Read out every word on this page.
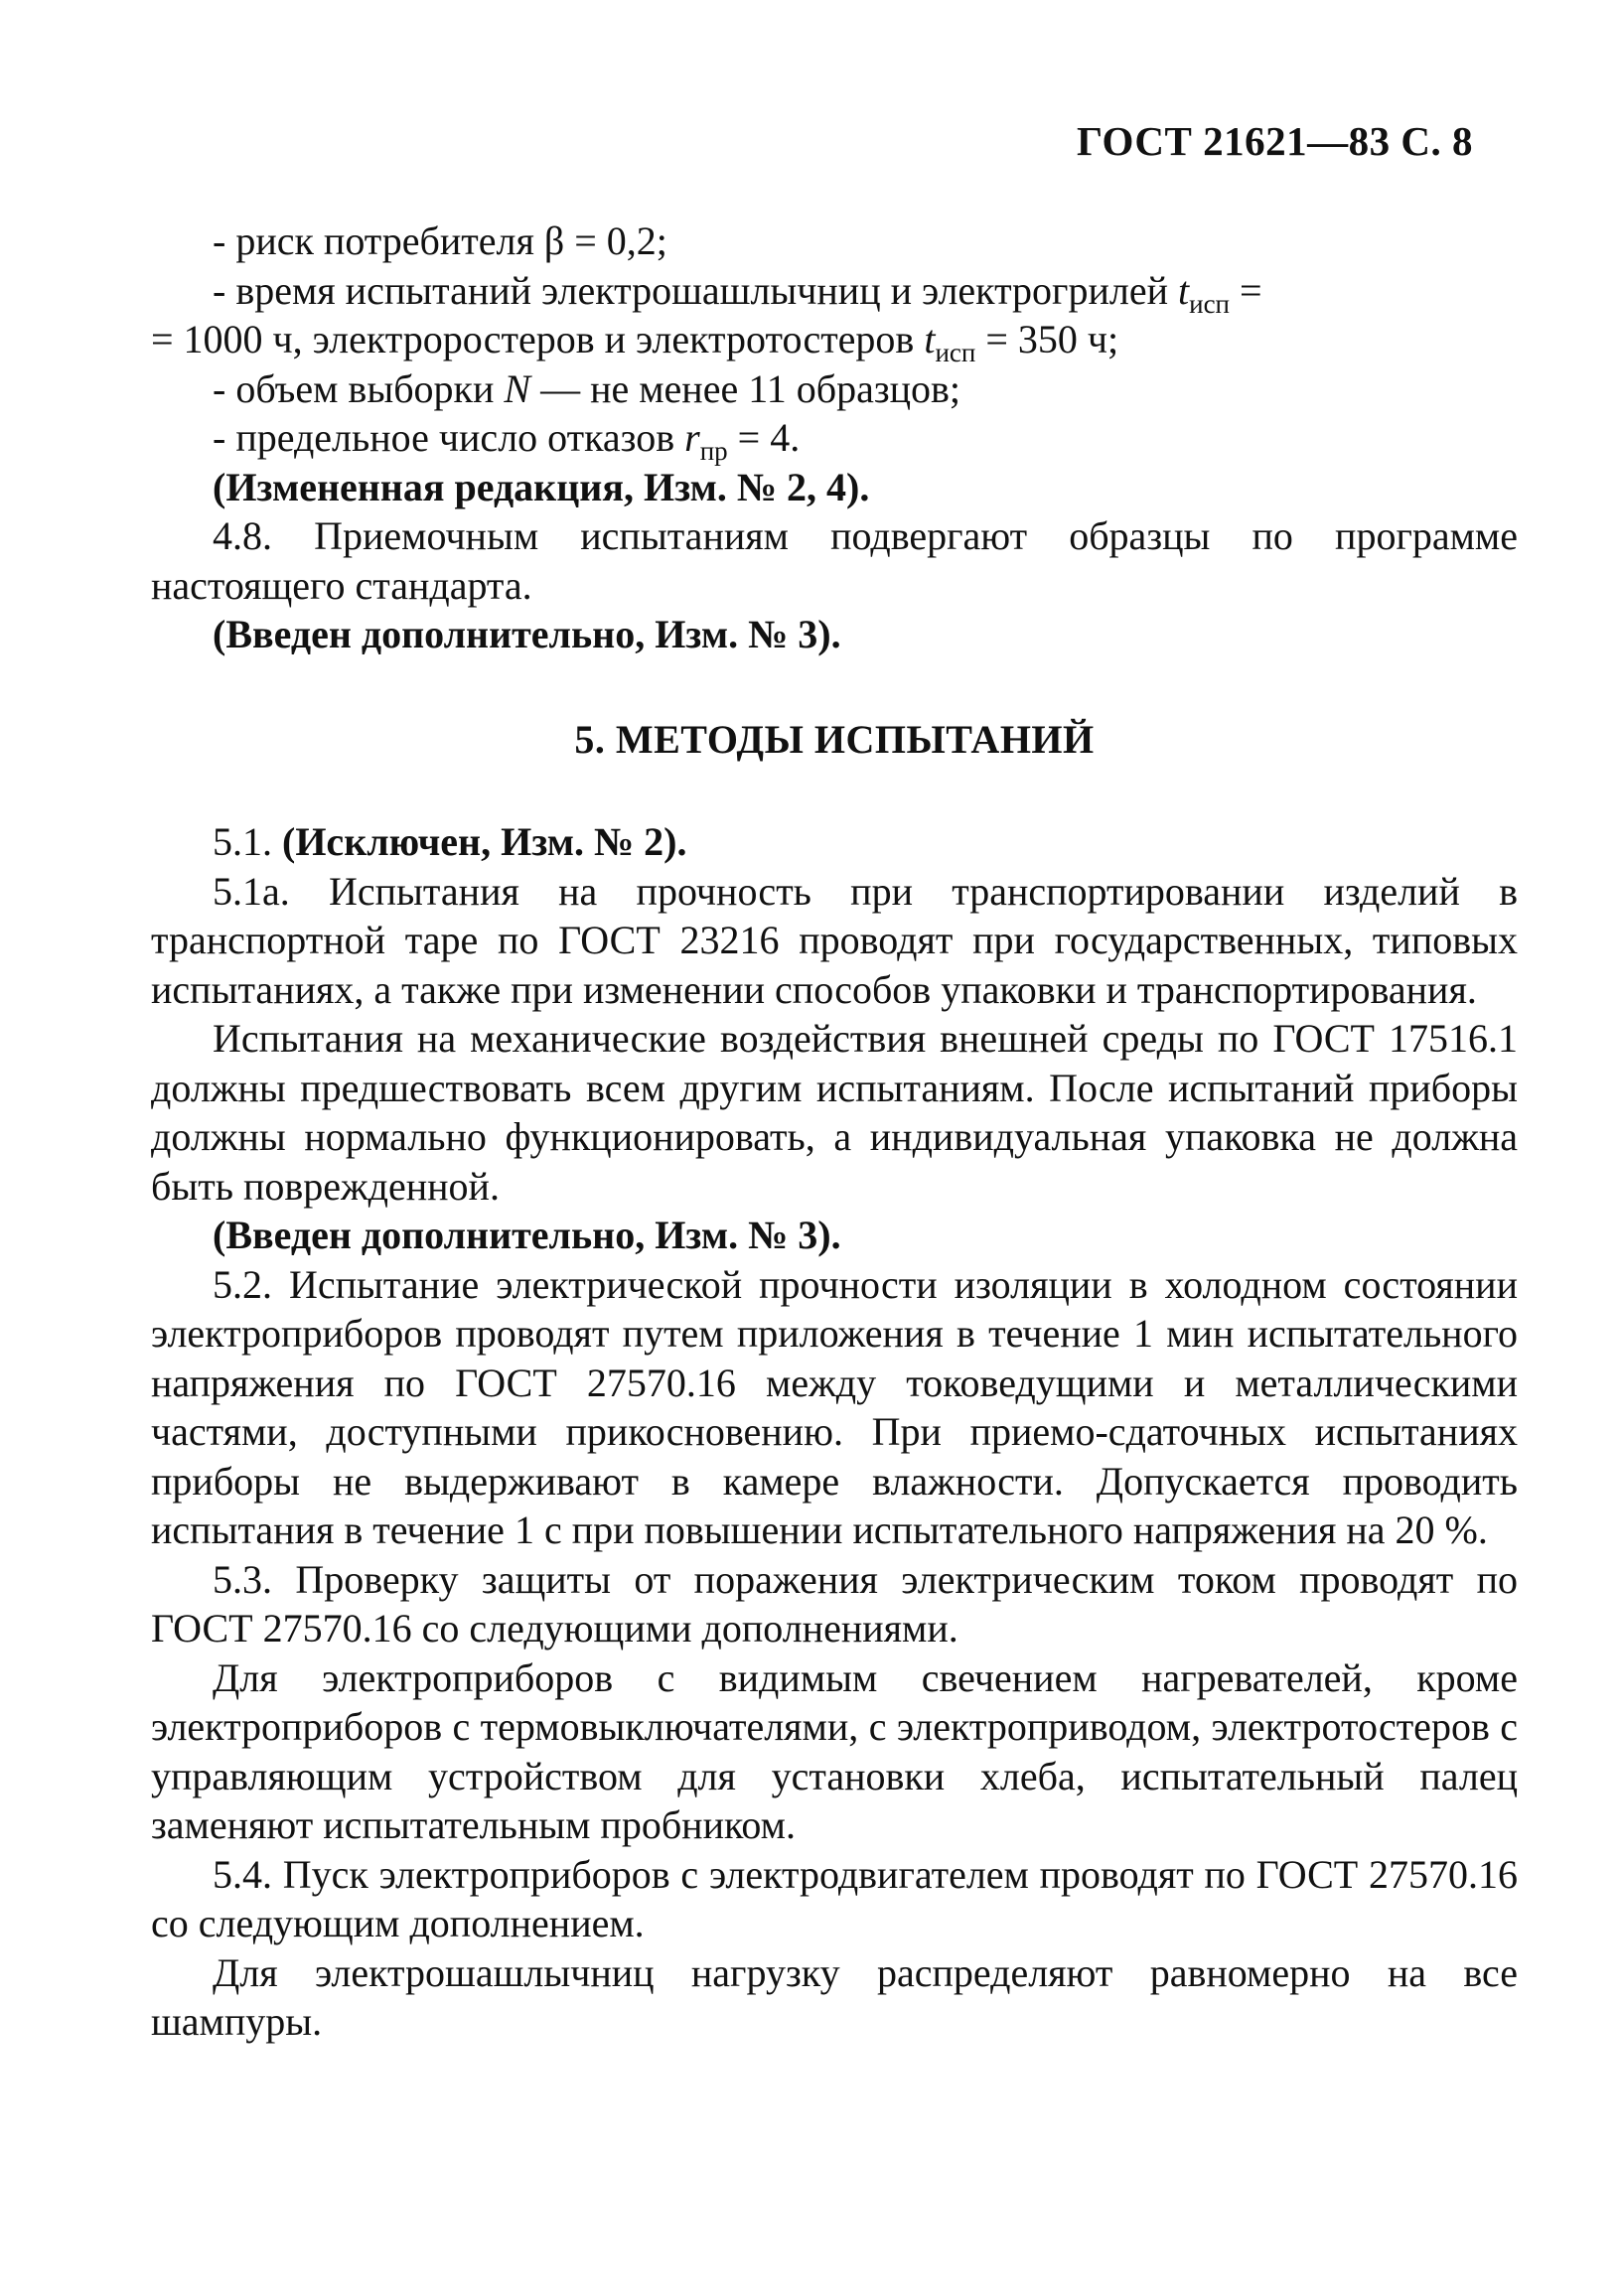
ГОСТ 21621—83 С. 8

- риск потребителя β = 0,2;

- время испытаний электрошашлычниц и электрогрилей $t_{исп}$ =

= 1000 ч, электроростеров и электротостеров $t_{исп} = 350$ ч;

- объем выборки N — не менее 11 образцов;

- предельное число отказов $r_{пр} = 4$.

(Измененная редакция, Изм. № 2, 4).

4.8. Приемочным испытаниям подвергают образцы по программе настоящего стандарта.

(Введен дополнительно, Изм. № 3).

5. МЕТОДЫ ИСПЫТАНИЙ

5.1. (Исключен, Изм. № 2).

5.1а. Испытания на прочность при транспортировании изделий в транспортной таре по ГОСТ 23216 проводят при государственных, типовых испытаниях, а также при изменении способов упаковки и транспортирования.

Испытания на механические воздействия внешней среды по ГОСТ 17516.1 должны предшествовать всем другим испытаниям. После испытаний приборы должны нормально функционировать, а индивидуальная упаковка не должна быть поврежденной.

(Введен дополнительно, Изм. № 3).

5.2. Испытание электрической прочности изоляции в холодном состоянии электроприборов проводят путем приложения в течение 1 мин испытательного напряжения по ГОСТ 27570.16 между токоведущими и металлическими частями, доступными прикосновению. При приемо-сдаточных испытаниях приборы не выдерживают в камере влажности. Допускается проводить испытания в течение 1 с при повышении испытательного напряжения на 20 %.

5.3. Проверку защиты от поражения электрическим током проводят по ГОСТ 27570.16 со следующими дополнениями.

Для электроприборов с видимым свечением нагревателей, кроме электроприборов с термовыключателями, с электроприводом, электротостеров с управляющим устройством для установки хлеба, испытательный палец заменяют испытательным пробником.

5.4. Пуск электроприборов с электродвигателем проводят по ГОСТ 27570.16 со следующим дополнением.

Для электрошашлычниц нагрузку распределяют равномерно на все шампуры.
